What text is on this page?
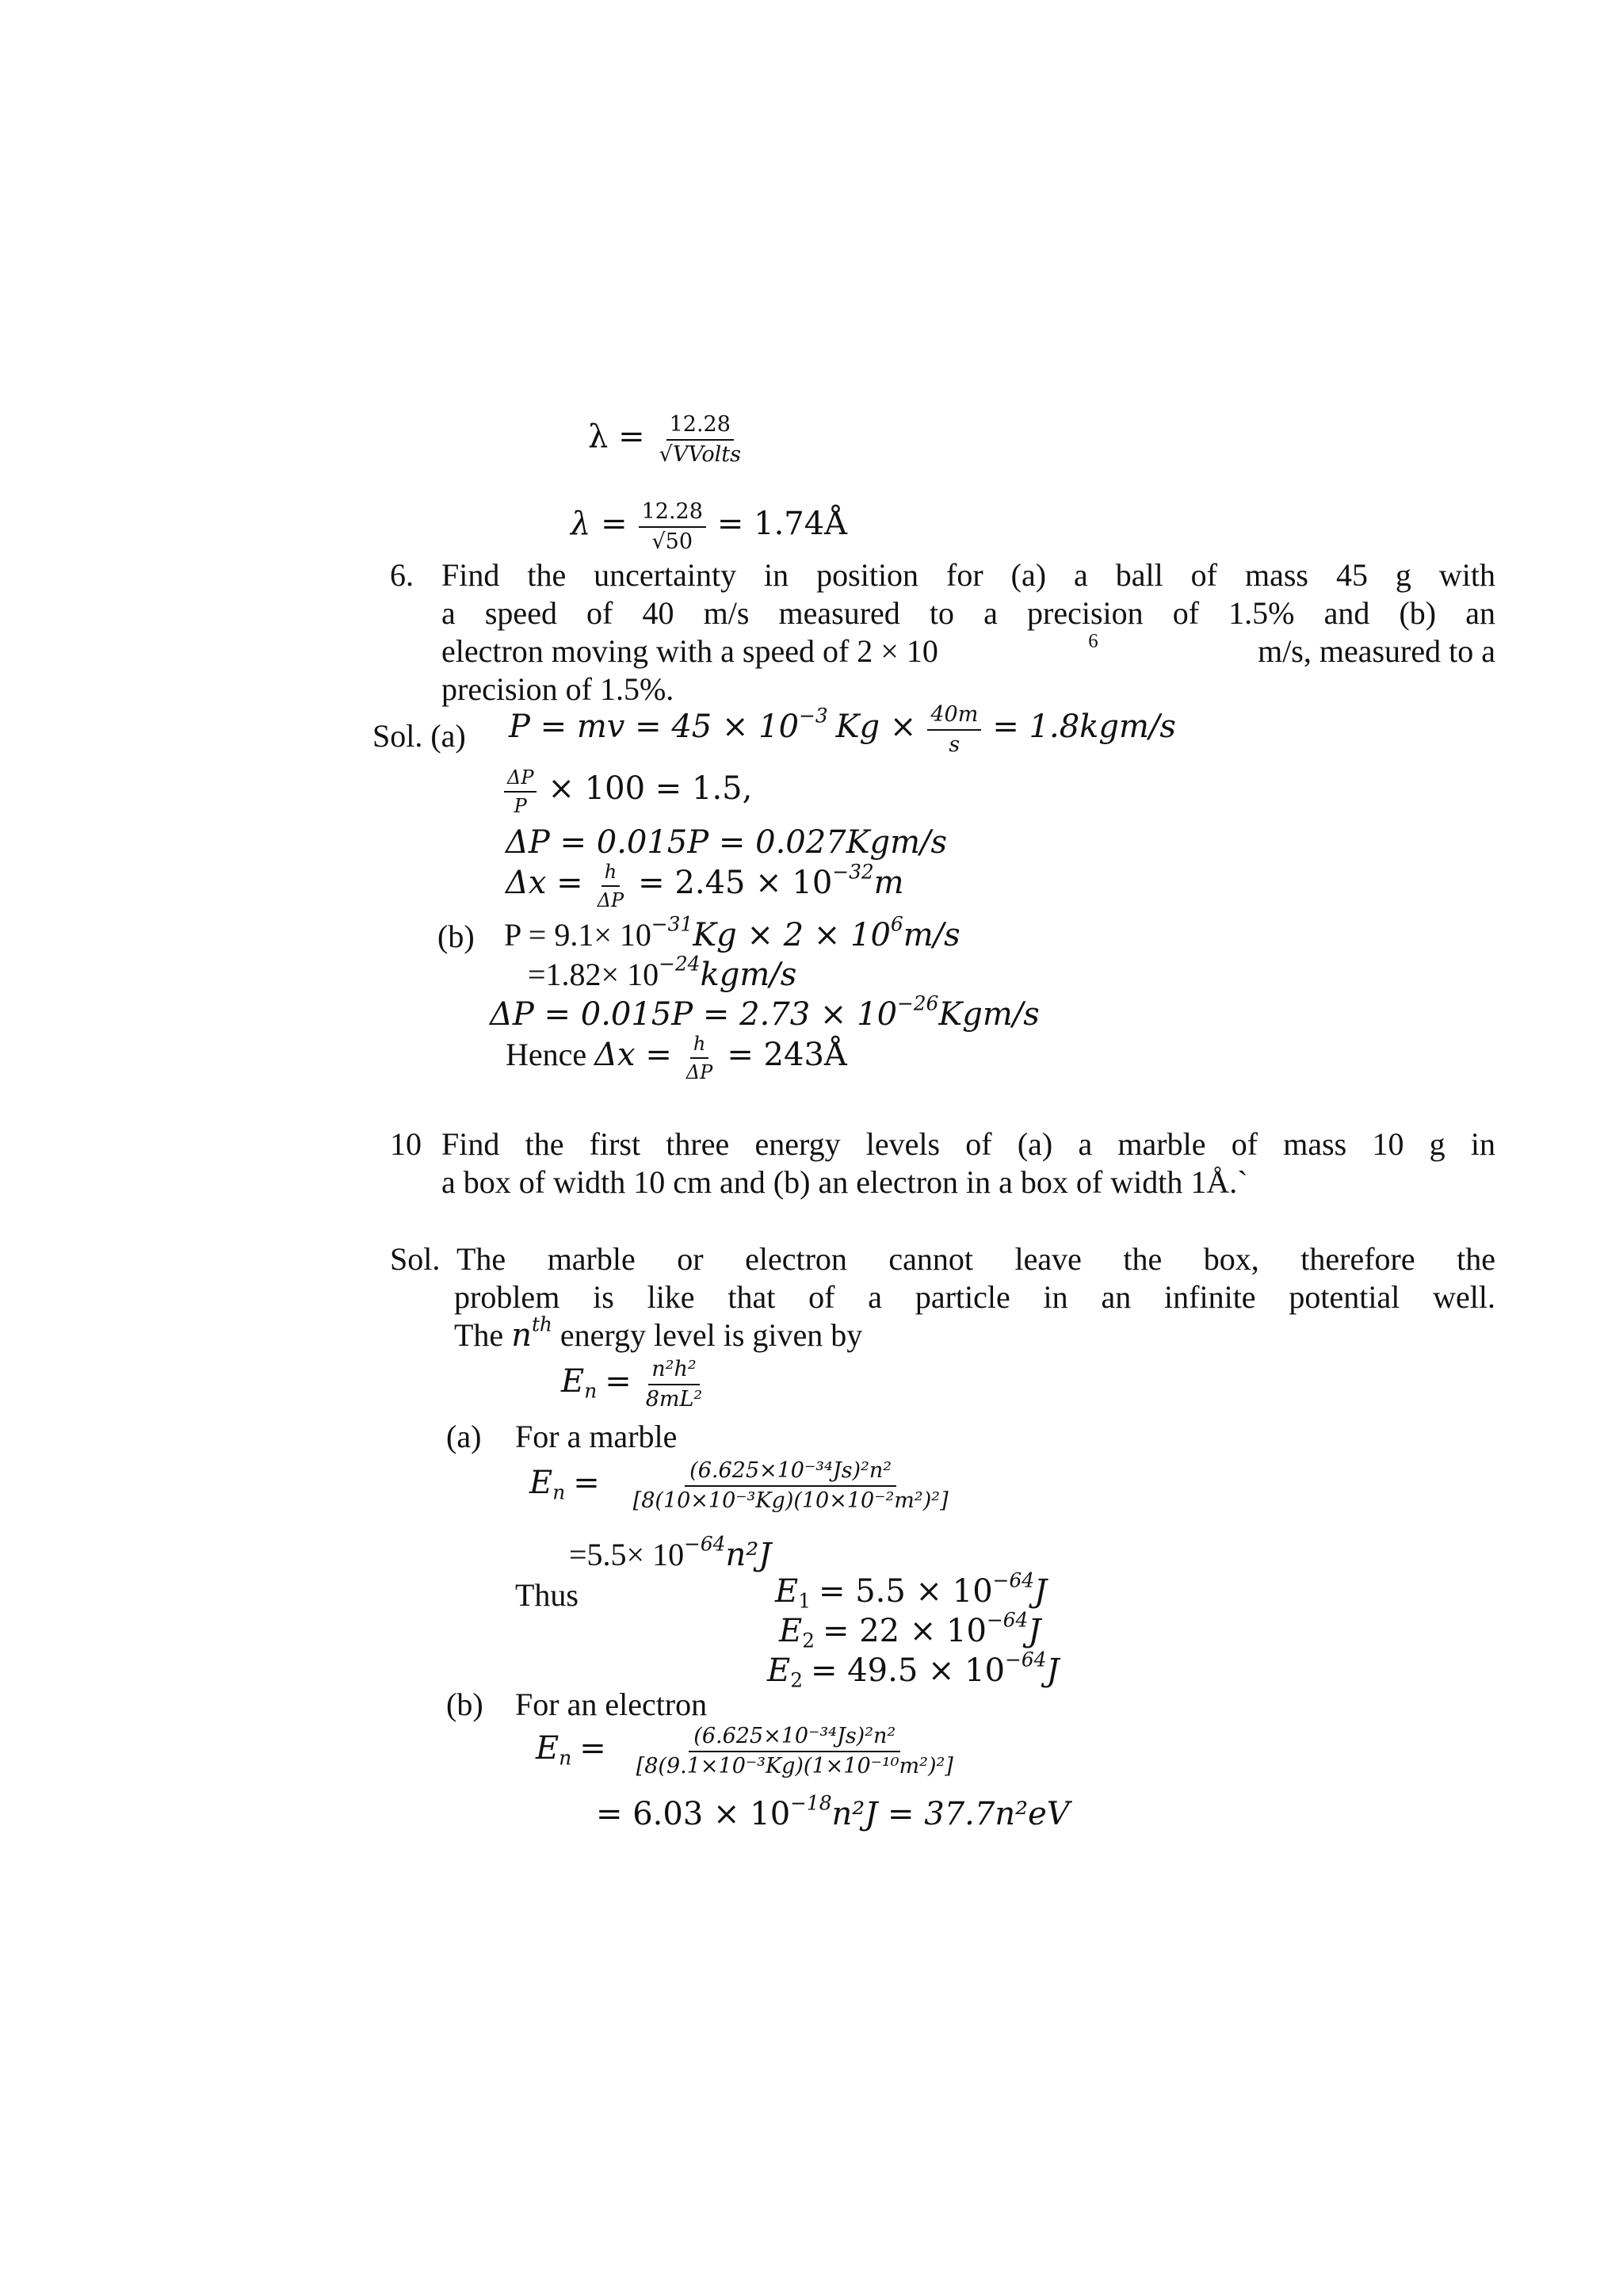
$\lambda = \frac{12.28}{\text{√VVolts}}$
$\lambda = \frac{12.28}{√50}$ = 1.74Å
6. Find the uncertainty in position for (a) a ball of mass 45 g with
a speed of 40 m/s measured to a precision of 1.5% and (b) an
electron moving with a speed of 2 × 10	$^6$	m/s, measured to a
precision of 1.5%.
Sol. (a) P = mv = $45 \times 10^{-3}$ $Kg \times \frac{40m}{s} = 1.8kgm/s$
$\frac{\Delta P}{P} \times 100 = 1.5$,
ΔP = 0.015P = 0.027Kgm/s
$\Delta x = \frac{h}{\Delta P} = 2.45 \times 10^{-32}m$
(b) $P = 9.1\times 10^{-31}Kg \times 2 \times 10^6m/s$
$=1.82\times 10^{-24}kgm/s$
$\Delta P = 0.015P = 2.73 \times 10^{-26}Kgm/s$
Hence $\Delta x = \frac{h}{\Delta P}$ = 243Å
10 Find the first three energy levels of (a) a marble of mass 10 g in
a box of width 10 cm and (b) an electron in a box of width 1Å.`
Sol. The marble or electron cannot leave the box, therefore the
problem is like that of a particle in an infinite potential well.
The $n^{th}$ energy level is given by
$E_n = \frac{\text{n²h²}}{\text{8mL²}}$
(a) For a marble
$E_n = \frac{\text{(6.625×10⁻³⁴Js)²n²}}{\text{[8(10×10⁻³Kg)(10×10⁻²m²)²]}}$
$=5.5\times 10^{-64}n^2J$
Thus	$E_1 = 5.5 \times 10^{-64}J$
$E_2 = 22 \times 10^{-64}J$
$E_2 = 49.5 \times 10^{-64}J$
(b) For an electron
$E_n = \frac{\text{(6.625×10⁻³⁴Js)²n²}}{\text{[8(9.1×10⁻³Kg)(1×10⁻¹⁰m²)²]}}$
= $6.03 \times 10^{-18}n^2J = 37.7n^2eV$
